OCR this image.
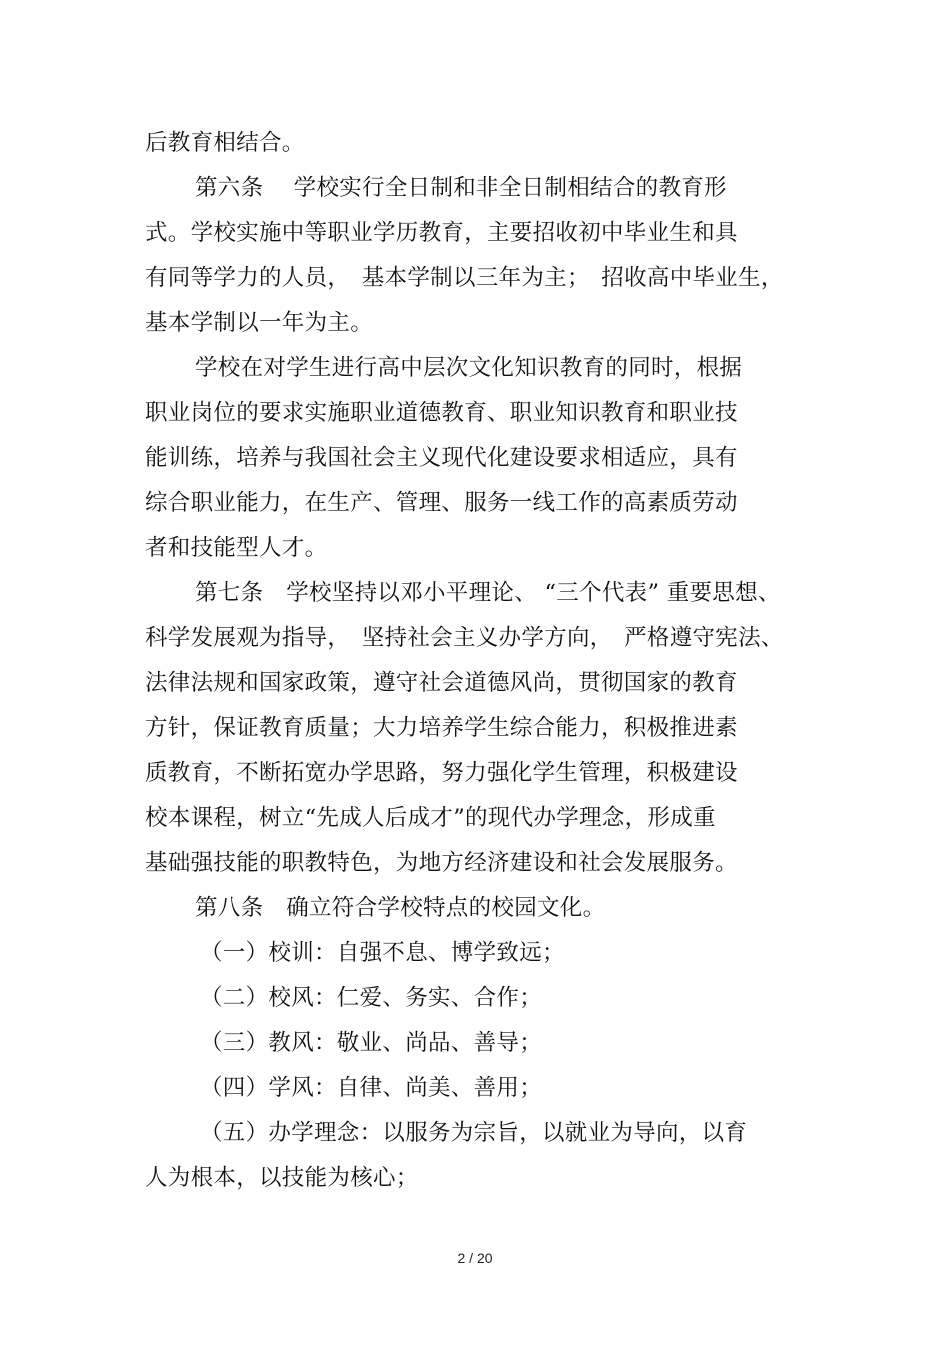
后教育相结合。
第六条　 学校实行全日制和非全日制相结合的教育形
式。学校实施中等职业学历教育，主要招收初中毕业生和具
有同等学力的人员，　基本学制以三年为主；　招收高中毕业生，
基本学制以一年为主。
学校在对学生进行高中层次文化知识教育的同时，根据
职业岗位的要求实施职业道德教育、职业知识教育和职业技
能训练，培养与我国社会主义现代化建设要求相适应，具有
综合职业能力，在生产、管理、服务一线工作的高素质劳动
者和技能型人才。
第七条　学校坚持以邓小平理论、 “三个代表” 重要思想、
科学发展观为指导，　坚持社会主义办学方向，　严格遵守宪法、
法律法规和国家政策，遵守社会道德风尚，贯彻国家的教育
方针，保证教育质量；大力培养学生综合能力，积极推进素
质教育，不断拓宽办学思路，努力强化学生管理，积极建设
校本课程，树立“先成人后成才”的现代办学理念，形成重
基础强技能的职教特色，为地方经济建设和社会发展服务。
第八条　确立符合学校特点的校园文化。
（一）校训：自强不息、博学致远；
（二）校风：仁爱、务实、合作；
（三）教风：敬业、尚品、善导；
（四）学风：自律、尚美、善用；
（五）办学理念：以服务为宗旨，以就业为导向，以育
人为根本，以技能为核心；
2 / 20
